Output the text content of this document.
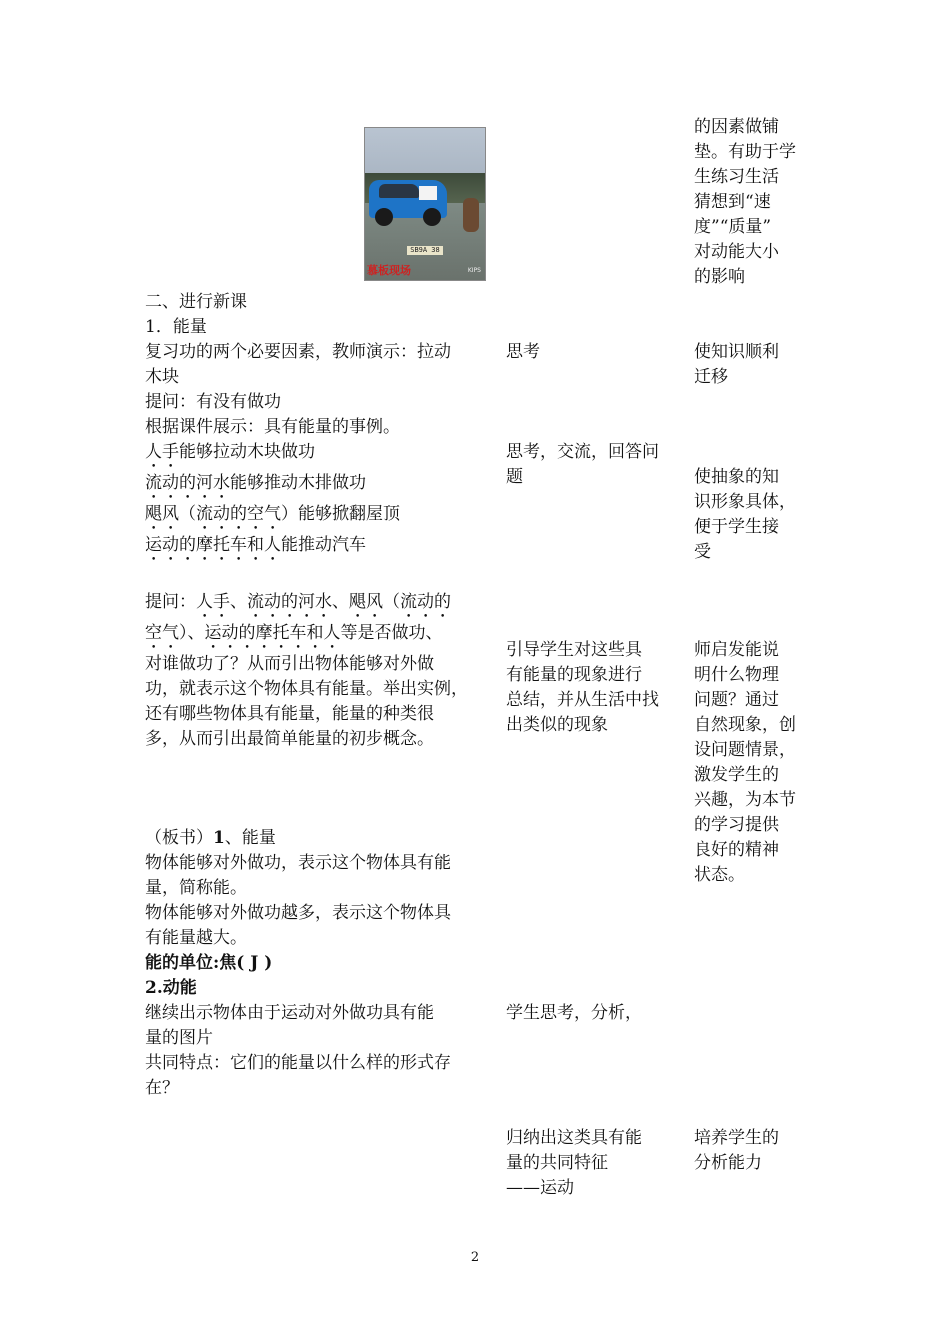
SB9A 38
慕板现场	KIPS
的因素做铺
垫。有助于学
生练习生活
猜想到“速
度”“质量”
对动能大小
的影响
二、进行新课
1．能量
复习功的两个必要因素，教师演示：拉动
木块
提问：有没有做功
根据课件展示：具有能量的事例。
人手能够拉动木块做功
流动的河水能够推动木排做功
飓风（流动的空气）能够掀翻屋顶
运动的摩托车和人能推动汽车
提问：人手、流动的河水、飓风（流动的
空气）、运动的摩托车和人等是否做功、
对谁做功了？从而引出物体能够对外做
功，就表示这个物体具有能量。举出实例，
还有哪些物体具有能量，能量的种类很
多，从而引出最简单能量的初步概念。
（板书）1、能量
物体能够对外做功，表示这个物体具有能
量，简称能。
物体能够对外做功越多，表示这个物体具
有能量越大。
能的单位:焦( J )
2.动能
继续出示物体由于运动对外做功具有能
量的图片
共同特点：它们的能量以什么样的形式存
在？
思考
思考，交流，回答问
题
引导学生对这些具
有能量的现象进行
总结，并从生活中找
出类似的现象
学生思考，分析，
归纳出这类具有能
量的共同特征
——运动
使知识顺利
迁移
使抽象的知
识形象具体，
便于学生接
受
师启发能说
明什么物理
问题？通过
自然现象，创
设问题情景，
激发学生的
兴趣，为本节
的学习提供
良好的精神
状态。
培养学生的
分析能力
2
